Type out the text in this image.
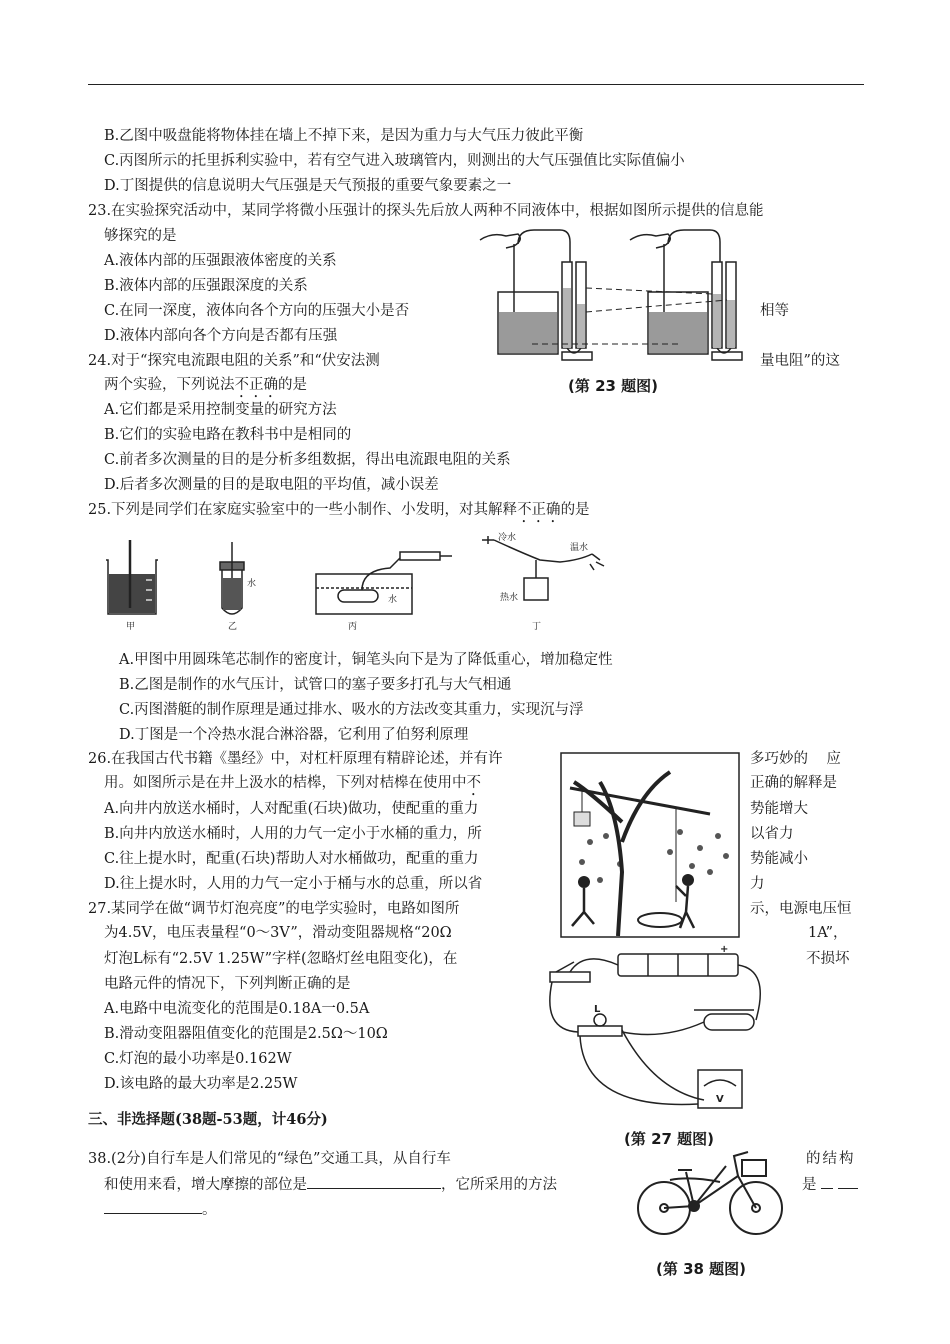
B.乙图中吸盘能将物体挂在墙上不掉下来，是因为重力与大气压力彼此平衡
C.丙图所示的托里拆利实验中，若有空气进入玻璃管内，则测出的大气压强值比实际值偏小
D.丁图提供的信息说明大气压强是天气预报的重要气象要素之一
23.在实验探究活动中，某同学将微小压强计的探头先后放人两种不同液体中，根据如图所示提供的信息能
够探究的是
A.液体内部的压强跟液体密度的关系
B.液体内部的压强跟深度的关系
C.在同一深度，液体向各个方向的压强大小是否	相等
D.液体内部向各个方向是否都有压强
(第 23 题图)
24.对于“探究电流跟电阻的关系”和“伏安法测	量电阻”的这
两个实验，下列说法不正确的是
A.它们都是采用控制变量的研究方法
B.它们的实验电路在教科书中是相同的
C.前者多次测量的目的是分析多组数据，得出电流跟电阻的关系
D.后者多次测量的目的是取电阻的平均值，减小误差
25.下列是同学们在家庭实验室中的一些小制作、小发明，对其解释不正确的是
甲
水
乙
水
丙
冷水
温水
热水
丁
A.甲图中用圆珠笔芯制作的密度计，铜笔头向下是为了降低重心，增加稳定性
B.乙图是制作的水气压计，试管口的塞子要多打孔与大气相通
C.丙图潜艇的制作原理是通过排水、吸水的方法改变其重力，实现沉与浮
D.丁图是一个冷热水混合淋浴器，它利用了伯努利原理
26.在我国古代书籍《墨经》中，对杠杆原理有精辟论述，并有许	多巧妙的    应
用。如图所示是在井上汲水的桔槔，下列对桔槔在使用中不	正确的解释是
A.向井内放送水桶时，人对配重(石块)做功，使配重的重力	势能增大
B.向井内放送水桶时，人用的力气一定小于水桶的重力，所	以省力
C.往上提水时，配重(石块)帮助人对水桶做功，配重的重力	势能减小
D.往上提水时，人用的力气一定小于桶与水的总重，所以省	力
27.某同学在做“调节灯泡亮度”的电学实验时，电路如图所	示，电源电压恒
为4.5V，电压表量程“0～3V”，滑动变阻器规格“20Ω	1A”，
灯泡L标有“2.5V 1.25W”字样(忽略灯丝电阻变化)，在	不损坏
电路元件的情况下，下列判断正确的是
A.电路中电流变化的范围是0.18A一0.5A
B.滑动变阻器阻值变化的范围是2.5Ω～10Ω
C.灯泡的最小功率是0.162W
D.该电路的最大功率是2.25W
L
+
V
(第 27 题图)
三、非选择题(38题-53题，计46分)
38.(2分)自行车是人们常见的“绿色”交通工具，从自行车	的结构
和使用来看，增大摩擦的部位是	，它所采用的方法	是
。
(第 38 题图)
